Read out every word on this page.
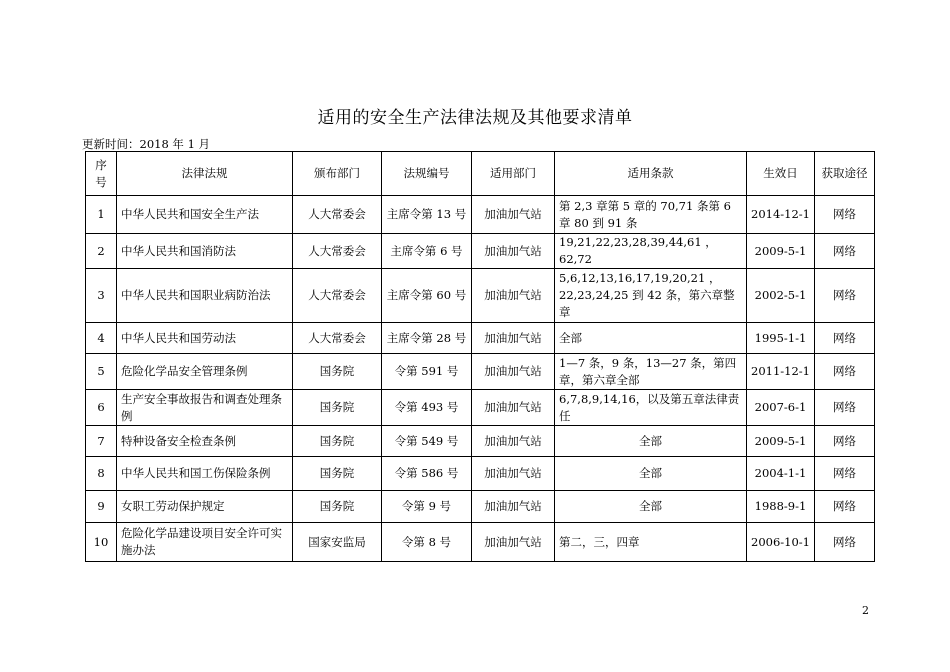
适用的安全生产法律法规及其他要求清单
更新时间：2018 年 1 月
序号	法律法规	颁布部门	法规编号	适用部门	适用条款	生效日	获取途径
1	中华人民共和国安全生产法	人大常委会	主席令第 13 号	加油加气站	第 2,3 章第 5 章的 70,71 条第 6 章 80 到 91 条	2014-12-1	网络
2	中华人民共和国消防法	人大常委会	主席令第 6 号	加油加气站	19,21,22,23,28,39,44,61 ，62,72	2009-5-1	网络
3	中华人民共和国职业病防治法	人大常委会	主席令第 60 号	加油加气站	5,6,12,13,16,17,19,20,21 ，22,23,24,25 到 42 条，第六章整章	2002-5-1	网络
4	中华人民共和国劳动法	人大常委会	主席令第 28 号	加油加气站	全部	1995-1-1	网络
5	危险化学品安全管理条例	国务院	令第 591 号	加油加气站	1—7 条，9 条，13—27 条，第四章，第六章全部	2011-12-1	网络
6	生产安全事故报告和调查处理条例	国务院	令第 493 号	加油加气站	6,7,8,9,14,16，以及第五章法律责任	2007-6-1	网络
7	特种设备安全检查条例	国务院	令第 549 号	加油加气站	全部	2009-5-1	网络
8	中华人民共和国工伤保险条例	国务院	令第 586 号	加油加气站	全部	2004-1-1	网络
9	女职工劳动保护规定	国务院	令第 9 号	加油加气站	全部	1988-9-1	网络
10	危险化学品建设项目安全许可实施办法	国家安监局	令第 8 号	加油加气站	第二，三，四章	2006-10-1	网络
2
